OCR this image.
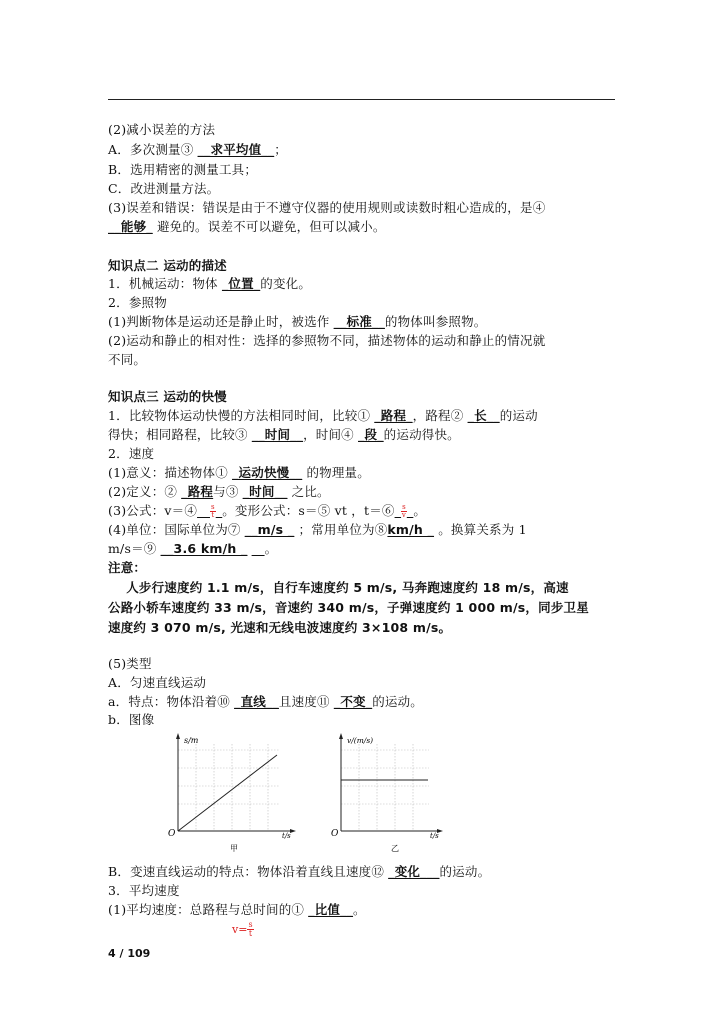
(2)减小误差的方法
A．多次测量③ __求平均值__；
B．选用精密的测量工具；
C．改进测量方法。
(3)误差和错误：错误是由于不遵守仪器的使用规则或读数时粗心造成的，是④
__能够_ 避免的。误差不可以避免，但可以减小。
知识点二 运动的描述
1．机械运动：物体 _位置_的变化。
2．参照物
(1)判断物体是运动还是静止时，被选作 __标准__的物体叫参照物。
(2)运动和静止的相对性：选择的参照物不同，描述物体的运动和静止的情况就
不同。
知识点三 运动的快慢
1．比较物体运动快慢的方法相同时间，比较① _路程_，路程② _长__的运动
得快；相同路程，比较③ __时间__，时间④ _段_的运动得快。
2．速度
(1)意义：描述物体① _运动快慢__ 的物理量。
(2)定义：② _路程与③ _时间__ 之比。
(3)公式：v＝④__ $\frac{s}{t}$ _。变形公式：s＝⑤ vt ，t＝⑥_ $\frac{s}{v}$ _。
(4)单位：国际单位为⑦ __m/s _ ；常用单位为⑧km/h _ 。换算关系为 1
m/s＝⑨ __3.6 km/h _ __。
注意：
人步行速度约 1.1 m/s，自行车速度约 5 m/s, 马奔跑速度约 18 m/s，高速
公路小轿车速度约 33 m/s，音速约 340 m/s，子弹速度约 1 000 m/s，同步卫星
速度约 3 070 m/s, 光速和无线电波速度约 3×108 m/s。
(5)类型
A．匀速直线运动
a．特点：物体沿着⑩ _直线__且速度⑪ _不变_的运动。
b．图像
s/m
t/s
O
甲
v/(m/s)
t/s
O
乙
B．变速直线运动的特点：物体沿着直线且速度⑫ _变化___的运动。
3．平均速度
(1)平均速度：总路程与总时间的① _比值__。
$v= \frac{s}{t}$
4 / 109
